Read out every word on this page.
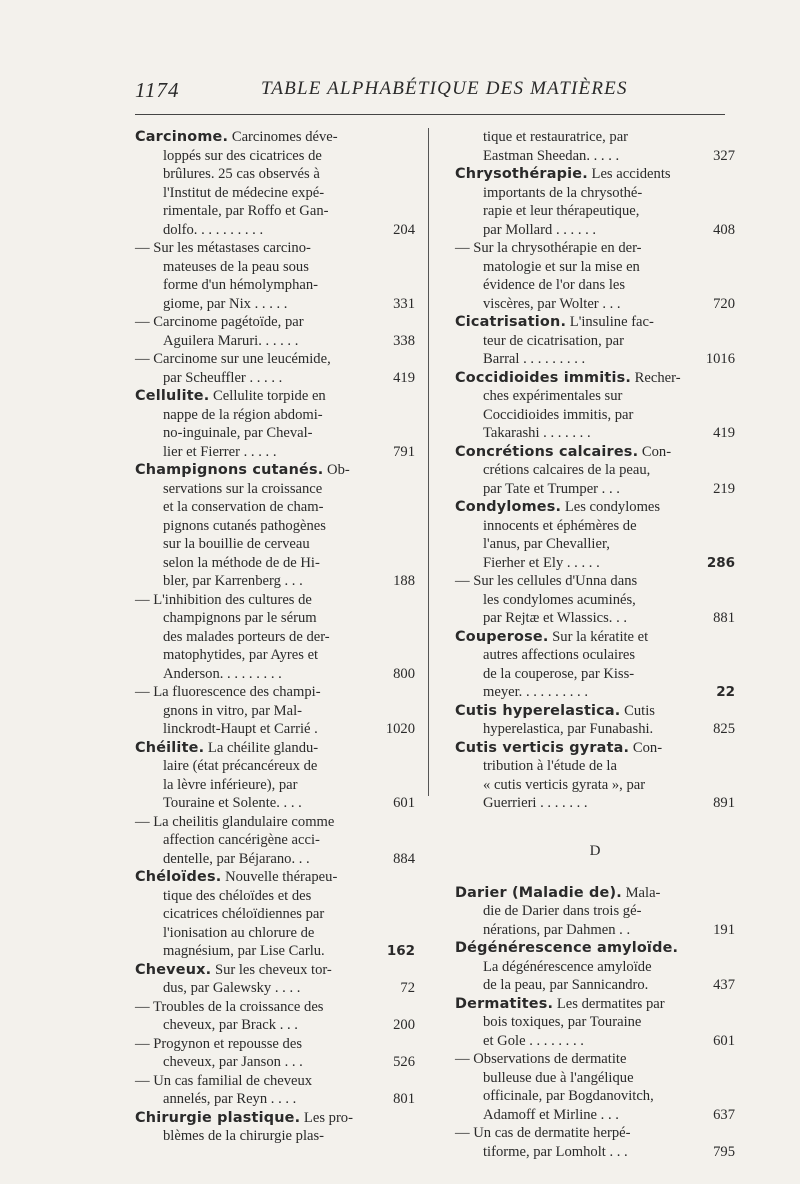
1174	TABLE ALPHABÉTIQUE DES MATIÈRES
Carcinome. Carcinomes déve-
loppés sur des cicatrices de
brûlures. 25 cas observés à
l'Institut de médecine expé-
rimentale, par Roffo et Gan-
dolfo. . . . . . . . . .	204
— Sur les métastases carcino-
mateuses de la peau sous
forme d'un hémolymphan-
giome, par Nix . . . . .	331
— Carcinome pagétoïde, par
Aguilera Maruri. . . . . .	338
— Carcinome sur une leucémide,
par Scheuffler . . . . .	419
Cellulite. Cellulite torpide en
nappe de la région abdomi-
no-inguinale, par Cheval-
lier et Fierrer . . . . .	791
Champignons cutanés. Ob-
servations sur la croissance
et la conservation de cham-
pignons cutanés pathogènes
sur la bouillie de cerveau
selon la méthode de de Hi-
bler, par Karrenberg . . .	188
— L'inhibition des cultures de
champignons par le sérum
des malades porteurs de der-
matophytides, par Ayres et
Anderson. . . . . . . . .	800
— La fluorescence des champi-
gnons in vitro, par Mal-
linckrodt-Haupt et Carrié .	1020
Chéilite. La chéilite glandu-
laire (état précancéreux de
la lèvre inférieure), par
Touraine et Solente. . . .	601
— La cheilitis glandulaire comme
affection cancérigène acci-
dentelle, par Béjarano. . .	884
Chéloïdes. Nouvelle thérapeu-
tique des chéloïdes et des
cicatrices chéloïdiennes par
l'ionisation au chlorure de
magnésium, par Lise Carlu.	162
Cheveux. Sur les cheveux tor-
dus, par Galewsky . . . .	72
— Troubles de la croissance des
cheveux, par Brack . . .	200
— Progynon et repousse des
cheveux, par Janson . . .	526
— Un cas familial de cheveux
annelés, par Reyn . . . .	801
Chirurgie plastique. Les pro-
blèmes de la chirurgie plas-
tique et restauratrice, par
Eastman Sheedan. . . . .	327
Chrysothérapie. Les accidents
importants de la chrysothé-
rapie et leur thérapeutique,
par Mollard . . . . . .	408
— Sur la chrysothérapie en der-
matologie et sur la mise en
évidence de l'or dans les
viscères, par Wolter . . .	720
Cicatrisation. L'insuline fac-
teur de cicatrisation, par
Barral . . . . . . . . .	1016
Coccidioides immitis. Recher-
ches expérimentales sur
Coccidioides immitis, par
Takarashi . . . . . . .	419
Concrétions calcaires. Con-
crétions calcaires de la peau,
par Tate et Trumper . . .	219
Condylomes. Les condylomes
innocents et éphémères de
l'anus, par Chevallier,
Fierher et Ely . . . . .	286
— Sur les cellules d'Unna dans
les condylomes acuminés,
par Rejtæ et Wlassics. . .	881
Couperose. Sur la kératite et
autres affections oculaires
de la couperose, par Kiss-
meyer. . . . . . . . . .	22
Cutis hyperelastica. Cutis
hyperelastica, par Funabashi.	825
Cutis verticis gyrata. Con-
tribution à l'étude de la
« cutis verticis gyrata », par
Guerrieri . . . . . . .	891
D
Darier (Maladie de). Mala-
die de Darier dans trois gé-
nérations, par Dahmen . .	191
Dégénérescence amyloïde.
La dégénérescence amyloïde
de la peau, par Sannicandro.	437
Dermatites. Les dermatites par
bois toxiques, par Touraine
et Gole . . . . . . . .	601
— Observations de dermatite
bulleuse due à l'angélique
officinale, par Bogdanovitch,
Adamoff et Mirline . . .	637
— Un cas de dermatite herpé-
tiforme, par Lomholt . . .	795
